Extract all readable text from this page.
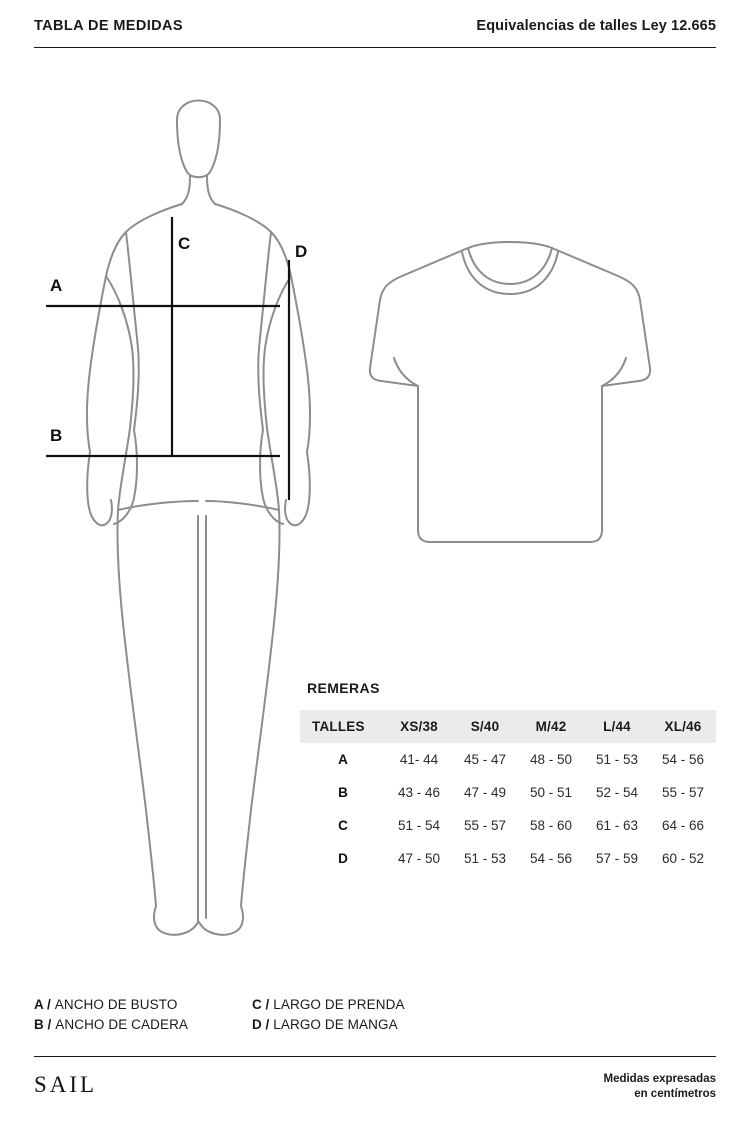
TABLA DE MEDIDAS	Equivalencias de talles Ley 12.665
A
B
C	D
REMERAS
TALLES	XS/38	S/40	M/42	L/44	XL/46
A	41- 44	45 - 47	48 - 50	51 - 53	54 - 56
B	43 - 46	47 - 49	50 - 51	52 - 54	55 - 57
C	51 - 54	55 - 57	58 - 60	61 - 63	64 - 66
D	47 - 50	51 - 53	54 - 56	57 - 59	60 - 52
A / ANCHO DE BUSTO	C / LARGO DE PRENDA
B / ANCHO DE CADERA	D / LARGO DE MANGA
SAIL	Medidas expresadas
en centímetros
